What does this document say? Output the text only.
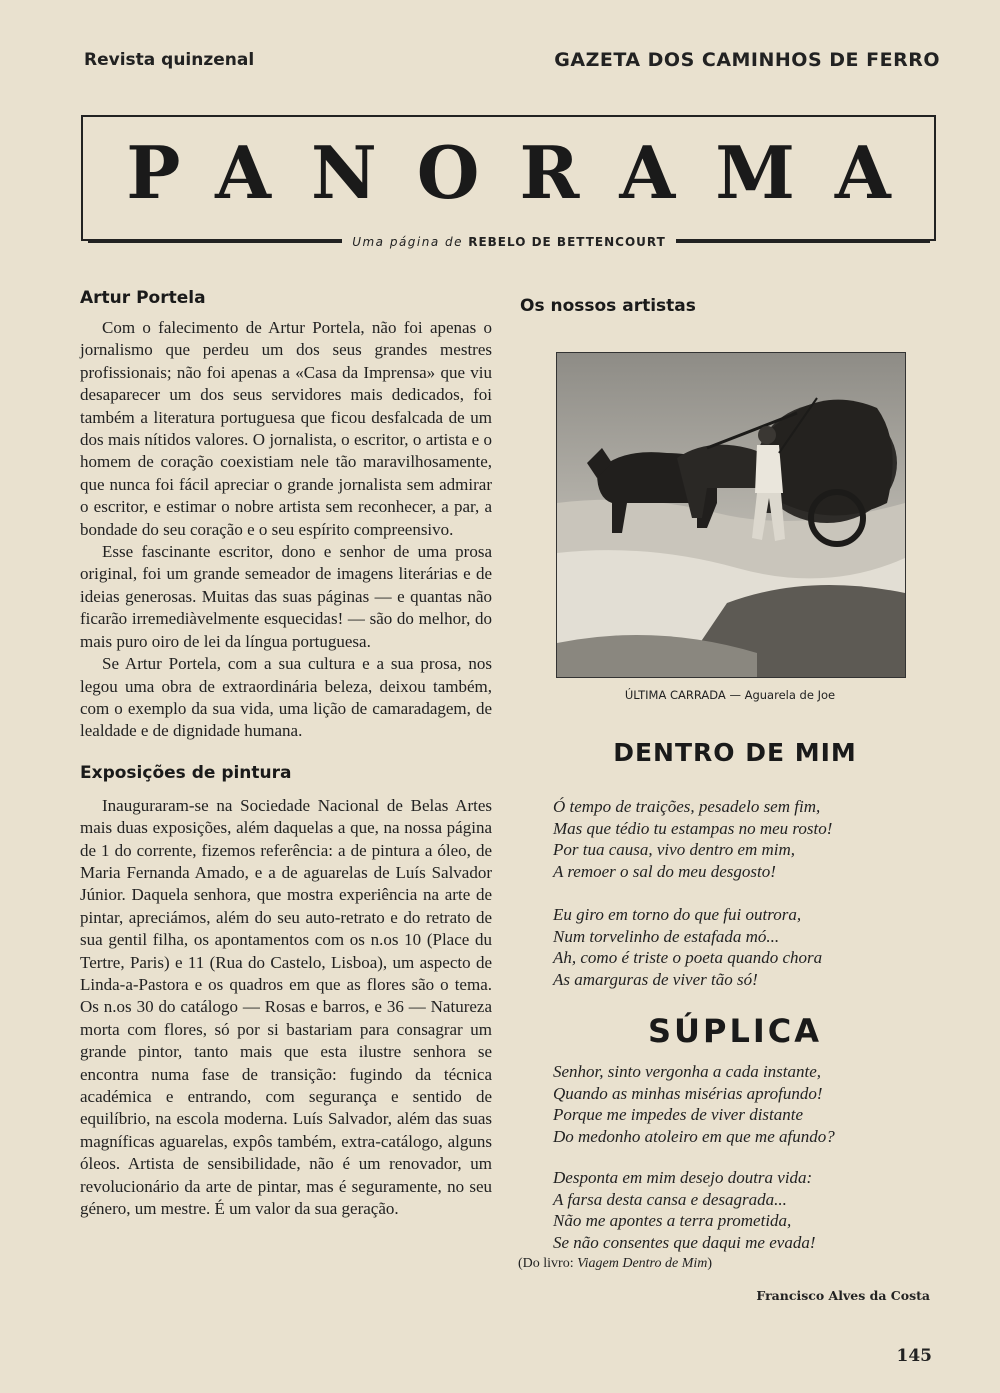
Revista quinzenal	GAZETA DOS CAMINHOS DE FERRO
PANORAMA
Uma página de REBELO DE BETTENCOURT
Artur Portela

Com o falecimento de Artur Portela, não foi apenas o jornalismo que perdeu um dos seus grandes mestres profissionais; não foi apenas a «Casa da Imprensa» que viu desaparecer um dos seus servidores mais dedicados, foi também a literatura portuguesa que ficou desfalcada de um dos mais nítidos valores. O jornalista, o escritor, o artista e o homem de coração coexistiam nele tão maravilhosamente, que nunca foi fácil apreciar o grande jornalista sem admirar o escritor, e estimar o nobre artista sem reconhecer, a par, a bondade do seu coração e o seu espírito compreensivo.

Esse fascinante escritor, dono e senhor de uma prosa original, foi um grande semeador de imagens literárias e de ideias generosas. Muitas das suas páginas — e quantas não ficarão irremediàvelmente esquecidas! — são do melhor, do mais puro oiro de lei da língua portuguesa.

Se Artur Portela, com a sua cultura e a sua prosa, nos legou uma obra de extraordinária beleza, deixou também, com o exemplo da sua vida, uma lição de camaradagem, de lealdade e de dignidade humana.

Exposições de pintura

Inauguraram-se na Sociedade Nacional de Belas Artes mais duas exposições, além daquelas a que, na nossa página de 1 do corrente, fizemos referência: a de pintura a óleo, de Maria Fernanda Amado, e a de aguarelas de Luís Salvador Júnior. Daquela senhora, que mostra experiência na arte de pintar, apreciámos, além do seu auto-retrato e do retrato de sua gentil filha, os apontamentos com os n.os 10 (Place du Tertre, Paris) e 11 (Rua do Castelo, Lisboa), um aspecto de Linda-a-Pastora e os quadros em que as flores são o tema. Os n.os 30 do catálogo — Rosas e barros, e 36 — Natureza morta com flores, só por si bastariam para consagrar um grande pintor, tanto mais que esta ilustre senhora se encontra numa fase de transição: fugindo da técnica académica e entrando, com segurança e sentido de equilíbrio, na escola moderna. Luís Salvador, além das suas magníficas aguarelas, expôs também, extra-catálogo, alguns óleos. Artista de sensibilidade, não é um renovador, um revolucionário da arte de pintar, mas é seguramente, no seu género, um mestre. É um valor da sua geração.

Os nossos artistas
ÚLTIMA CARRADA — Aguarela de Joe
DENTRO DE MIM

Ó tempo de traições, pesadelo sem fim,

Mas que tédio tu estampas no meu rosto!

Por tua causa, vivo dentro em mim,

A remoer o sal do meu desgosto!

Eu giro em torno do que fui outrora,

Num torvelinho de estafada mó...

Ah, como é triste o poeta quando chora

As amarguras de viver tão só!

SÚPLICA

Senhor, sinto vergonha a cada instante,

Quando as minhas misérias aprofundo!

Porque me impedes de viver distante

Do medonho atoleiro em que me afundo?

Desponta em mim desejo doutra vida:

A farsa desta cansa e desagrada...

Não me apontes a terra prometida,

Se não consentes que daqui me evada!

(Do livro: Viagem Dentro de Mim)
Francisco Alves da Costa
145
